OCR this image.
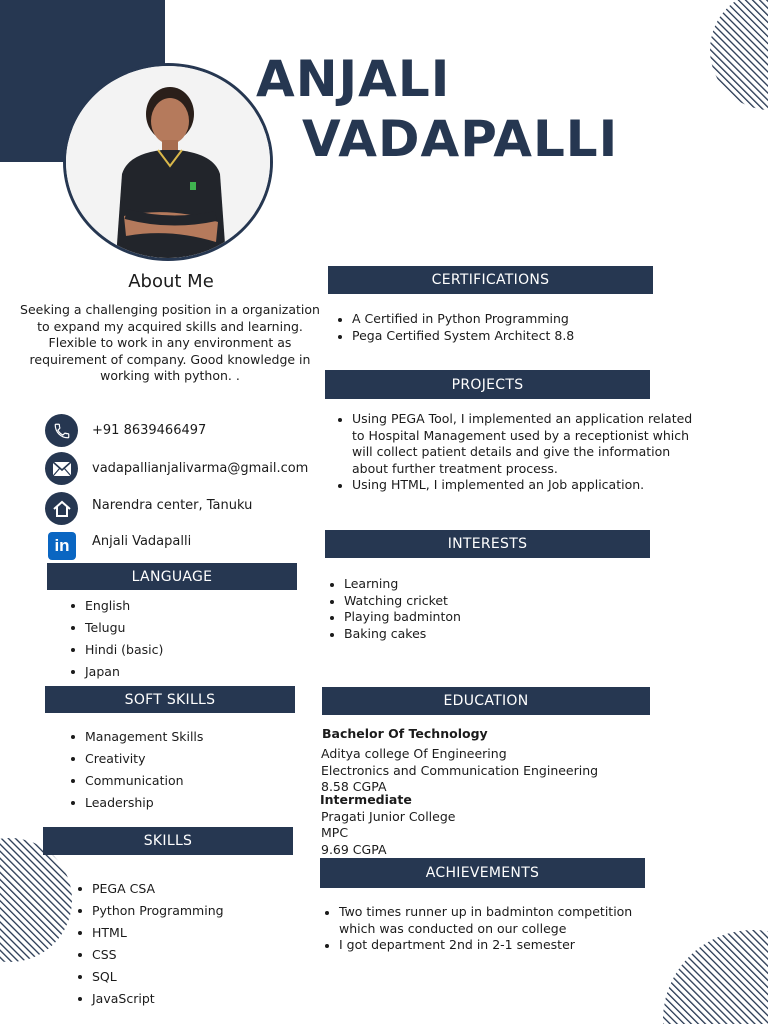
ANJALI
VADAPALLI
About Me
Seeking a challenging position in a organization to expand my acquired skills and learning. Flexible to work in any environment as requirement of company. Good knowledge in working with python. .
+91 8639466497
vadapallianjalivarma@gmail.com
Narendra center, Tanuku
in	Anjali Vadapalli
LANGUAGE
English
Telugu
Hindi (basic)
Japan
SOFT SKILLS
Management Skills
Creativity
Communication
Leadership
SKILLS
PEGA CSA
Python Programming
HTML
CSS
SQL
JavaScript
CERTIFICATIONS
A Certified in Python Programming
Pega Certified System Architect 8.8
PROJECTS
Using PEGA Tool, I implemented an application related to Hospital Management used by a receptionist which will collect patient details and give the information about further treatment process.
Using HTML, I implemented an Job application.
INTERESTS
Learning
Watching cricket
Playing badminton
Baking cakes
EDUCATION
Bachelor Of Technology
Aditya college Of Engineering
Electronics and Communication Engineering
8.58 CGPA
Intermediate
Pragati Junior College
MPC
9.69 CGPA
ACHIEVEMENTS
Two times runner up in badminton competition which was conducted on our college
I got department 2nd in 2-1 semester
